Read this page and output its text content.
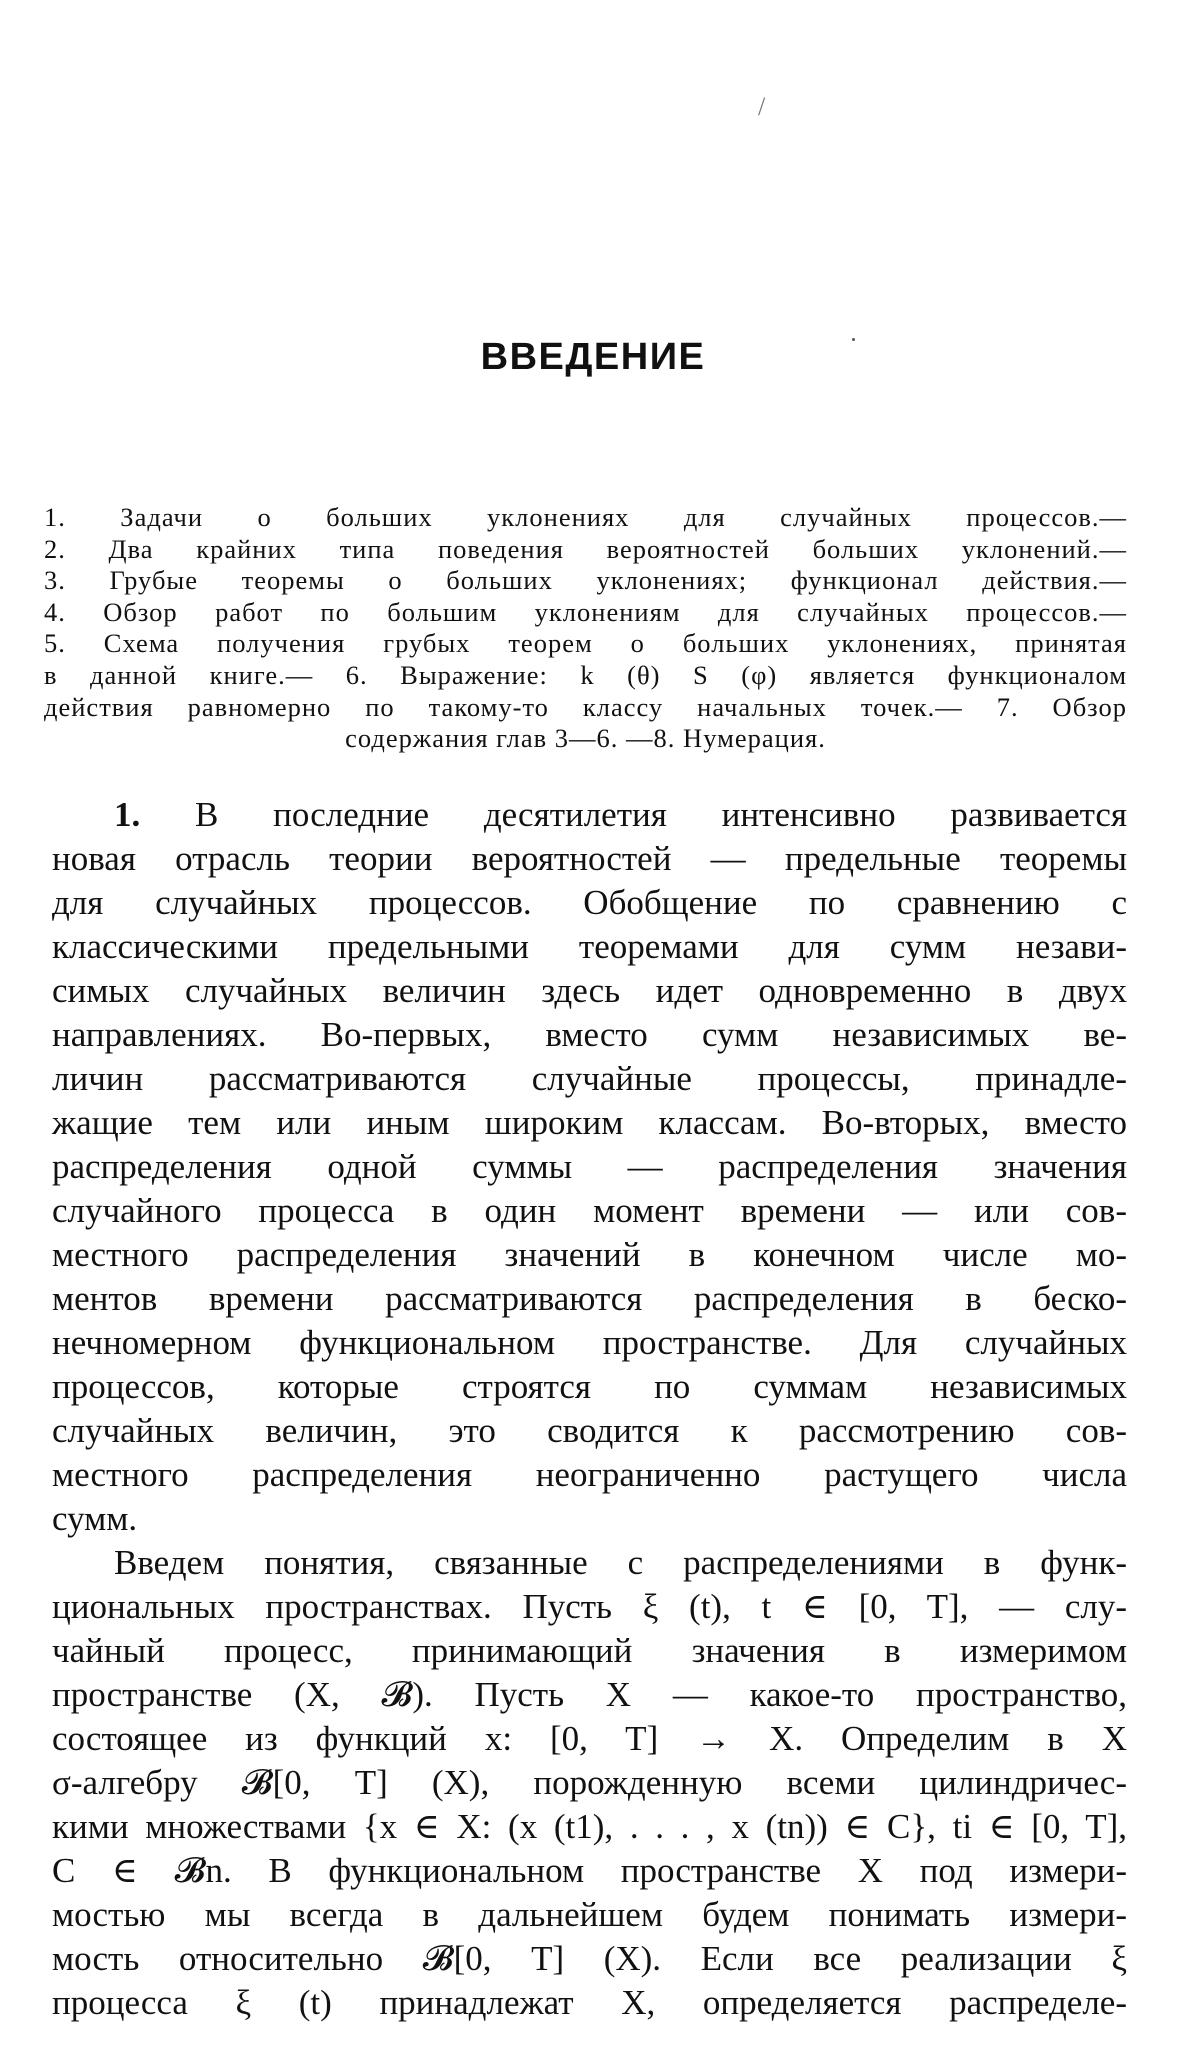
/
ВВЕДЕНИЕ
1. Задачи о больших уклонениях для случайных процессов.—
2. Два крайних типа поведения вероятностей больших уклонений.—
3. Грубые теоремы о больших уклонениях; функционал действия.—
4. Обзор работ по большим уклонениям для случайных процессов.—
5. Схема получения грубых теорем о больших уклонениях, принятая
в данной книге.— 6. Выражение: k (θ) S (φ) является функционалом
действия равномерно по такому-то классу начальных точек.— 7. Обзор
содержания глав 3—6. —8. Нумерация.
1. В последние десятилетия интенсивно развивается
новая отрасль теории вероятностей — предельные теоремы
для случайных процессов. Обобщение по сравнению с
классическими предельными теоремами для сумм незави-
симых случайных величин здесь идет одновременно в двух
направлениях. Во-первых, вместо сумм независимых ве-
личин рассматриваются случайные процессы, принадле-
жащие тем или иным широким классам. Во-вторых, вместо
распределения одной суммы — распределения значения
случайного процесса в один момент времени — или сов-
местного распределения значений в конечном числе мо-
ментов времени рассматриваются распределения в беско-
нечномерном функциональном пространстве. Для случайных
процессов, которые строятся по суммам независимых
случайных величин, это сводится к рассмотрению сов-
местного распределения неограниченно растущего числа
сумм.
Введем понятия, связанные с распределениями в функ-
циональных пространствах. Пусть ξ (t), t ∈ [0, T], — слу-
чайный процесс, принимающий значения в измеримом
пространстве (X, 𝓑). Пусть X — какое-то пространство,
состоящее из функций x: [0, T] → X. Определим в X
σ-алгебру 𝓑[0, T] (X), порожденную всеми цилиндричес-
кими множествами {x ∈ X: (x (t1), . . . , x (tn)) ∈ C}, ti ∈ [0, T],
C ∈ 𝓑n. В функциональном пространстве X под измери-
мостью мы всегда в дальнейшем будем понимать измери-
мость относительно 𝓑[0, T] (X). Если все реализации ξ
процесса ξ (t) принадлежат X, определяется распределе-
